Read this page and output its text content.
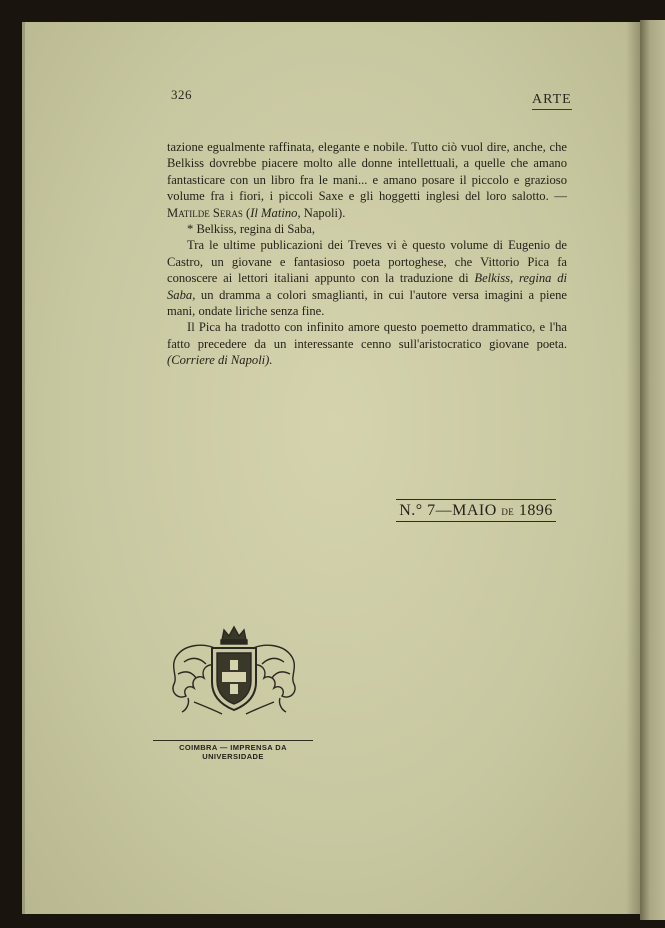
326	ARTE

tazione egualmente raffinata, elegante e nobile. Tutto ciò vuol dire, anche, che Belkiss dovrebbe piacere molto alle donne intellettuali, a quelle che amano fantasticare con un libro fra le mani... e amano posare il piccolo e grazioso volume fra i fiori, i piccoli Saxe e gli hoggetti inglesi del loro salotto. — Matilde Seras (Il Matino, Napoli).

* Belkiss, regina di Saba,

Tra le ultime publicazioni dei Treves vi è questo volume di Eugenio de Castro, un giovane e fantasioso poeta portoghese, che Vittorio Pica fa conoscere ai lettori italiani appunto con la traduzione di Belkiss, regina di Saba, un dramma a colori smaglianti, in cui l'autore versa imagini a piene mani, ondate liriche senza fine.

Il Pica ha tradotto con infinito amore questo poemetto drammatico, e l'ha fatto precedere da un interessante cenno sull'aristocratico giovane poeta. (Corriere di Napoli).

N.° 7—MAIO de 1896
COIMBRA — IMPRENSA DA UNIVERSIDADE
